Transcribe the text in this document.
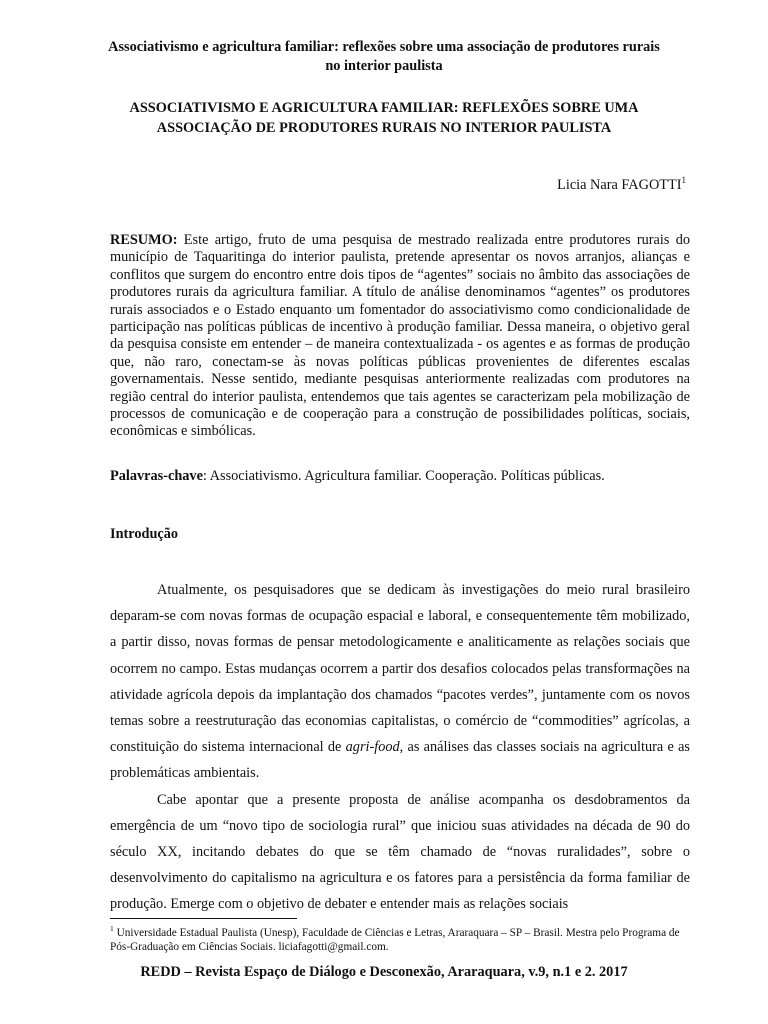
Associativismo e agricultura familiar: reflexões sobre uma associação de produtores rurais no interior paulista
ASSOCIATIVISMO E AGRICULTURA FAMILIAR: REFLEXÕES SOBRE UMA ASSOCIAÇÃO DE PRODUTORES RURAIS NO INTERIOR PAULISTA
Licia Nara FAGOTTI$^1$
RESUMO: Este artigo, fruto de uma pesquisa de mestrado realizada entre produtores rurais do município de Taquaritinga do interior paulista, pretende apresentar os novos arranjos, alianças e conflitos que surgem do encontro entre dois tipos de “agentes” sociais no âmbito das associações de produtores rurais da agricultura familiar. A título de análise denominamos “agentes” os produtores rurais associados e o Estado enquanto um fomentador do associativismo como condicionalidade de participação nas políticas públicas de incentivo à produção familiar. Dessa maneira, o objetivo geral da pesquisa consiste em entender – de maneira contextualizada - os agentes e as formas de produção que, não raro, conectam-se às novas políticas públicas provenientes de diferentes escalas governamentais. Nesse sentido, mediante pesquisas anteriormente realizadas com produtores na região central do interior paulista, entendemos que tais agentes se caracterizam pela mobilização de processos de comunicação e de cooperação para a construção de possibilidades políticas, sociais, econômicas e simbólicas.
Palavras-chave: Associativismo. Agricultura familiar. Cooperação. Políticas públicas.
Introdução

Atualmente, os pesquisadores que se dedicam às investigações do meio rural brasileiro deparam-se com novas formas de ocupação espacial e laboral, e consequentemente têm mobilizado, a partir disso, novas formas de pensar metodologicamente e analiticamente as relações sociais que ocorrem no campo. Estas mudanças ocorrem a partir dos desafios colocados pelas transformações na atividade agrícola depois da implantação dos chamados “pacotes verdes”, juntamente com os novos temas sobre a reestruturação das economias capitalistas, o comércio de “commodities” agrícolas, a constituição do sistema internacional de agri-food, as análises das classes sociais na agricultura e as problemáticas ambientais.

Cabe apontar que a presente proposta de análise acompanha os desdobramentos da emergência de um “novo tipo de sociologia rural” que iniciou suas atividades na década de 90 do século XX, incitando debates do que se têm chamado de “novas ruralidades”, sobre o desenvolvimento do capitalismo na agricultura e os fatores para a persistência da forma familiar de produção. Emerge com o objetivo de debater e entender mais as relações sociais

$^1$ Universidade Estadual Paulista (Unesp), Faculdade de Ciências e Letras, Araraquara – SP – Brasil. Mestra pelo Programa de Pós-Graduação em Ciências Sociais. liciafagotti@gmail.com.
REDD – Revista Espaço de Diálogo e Desconexão, Araraquara, v.9, n.1 e 2. 2017
